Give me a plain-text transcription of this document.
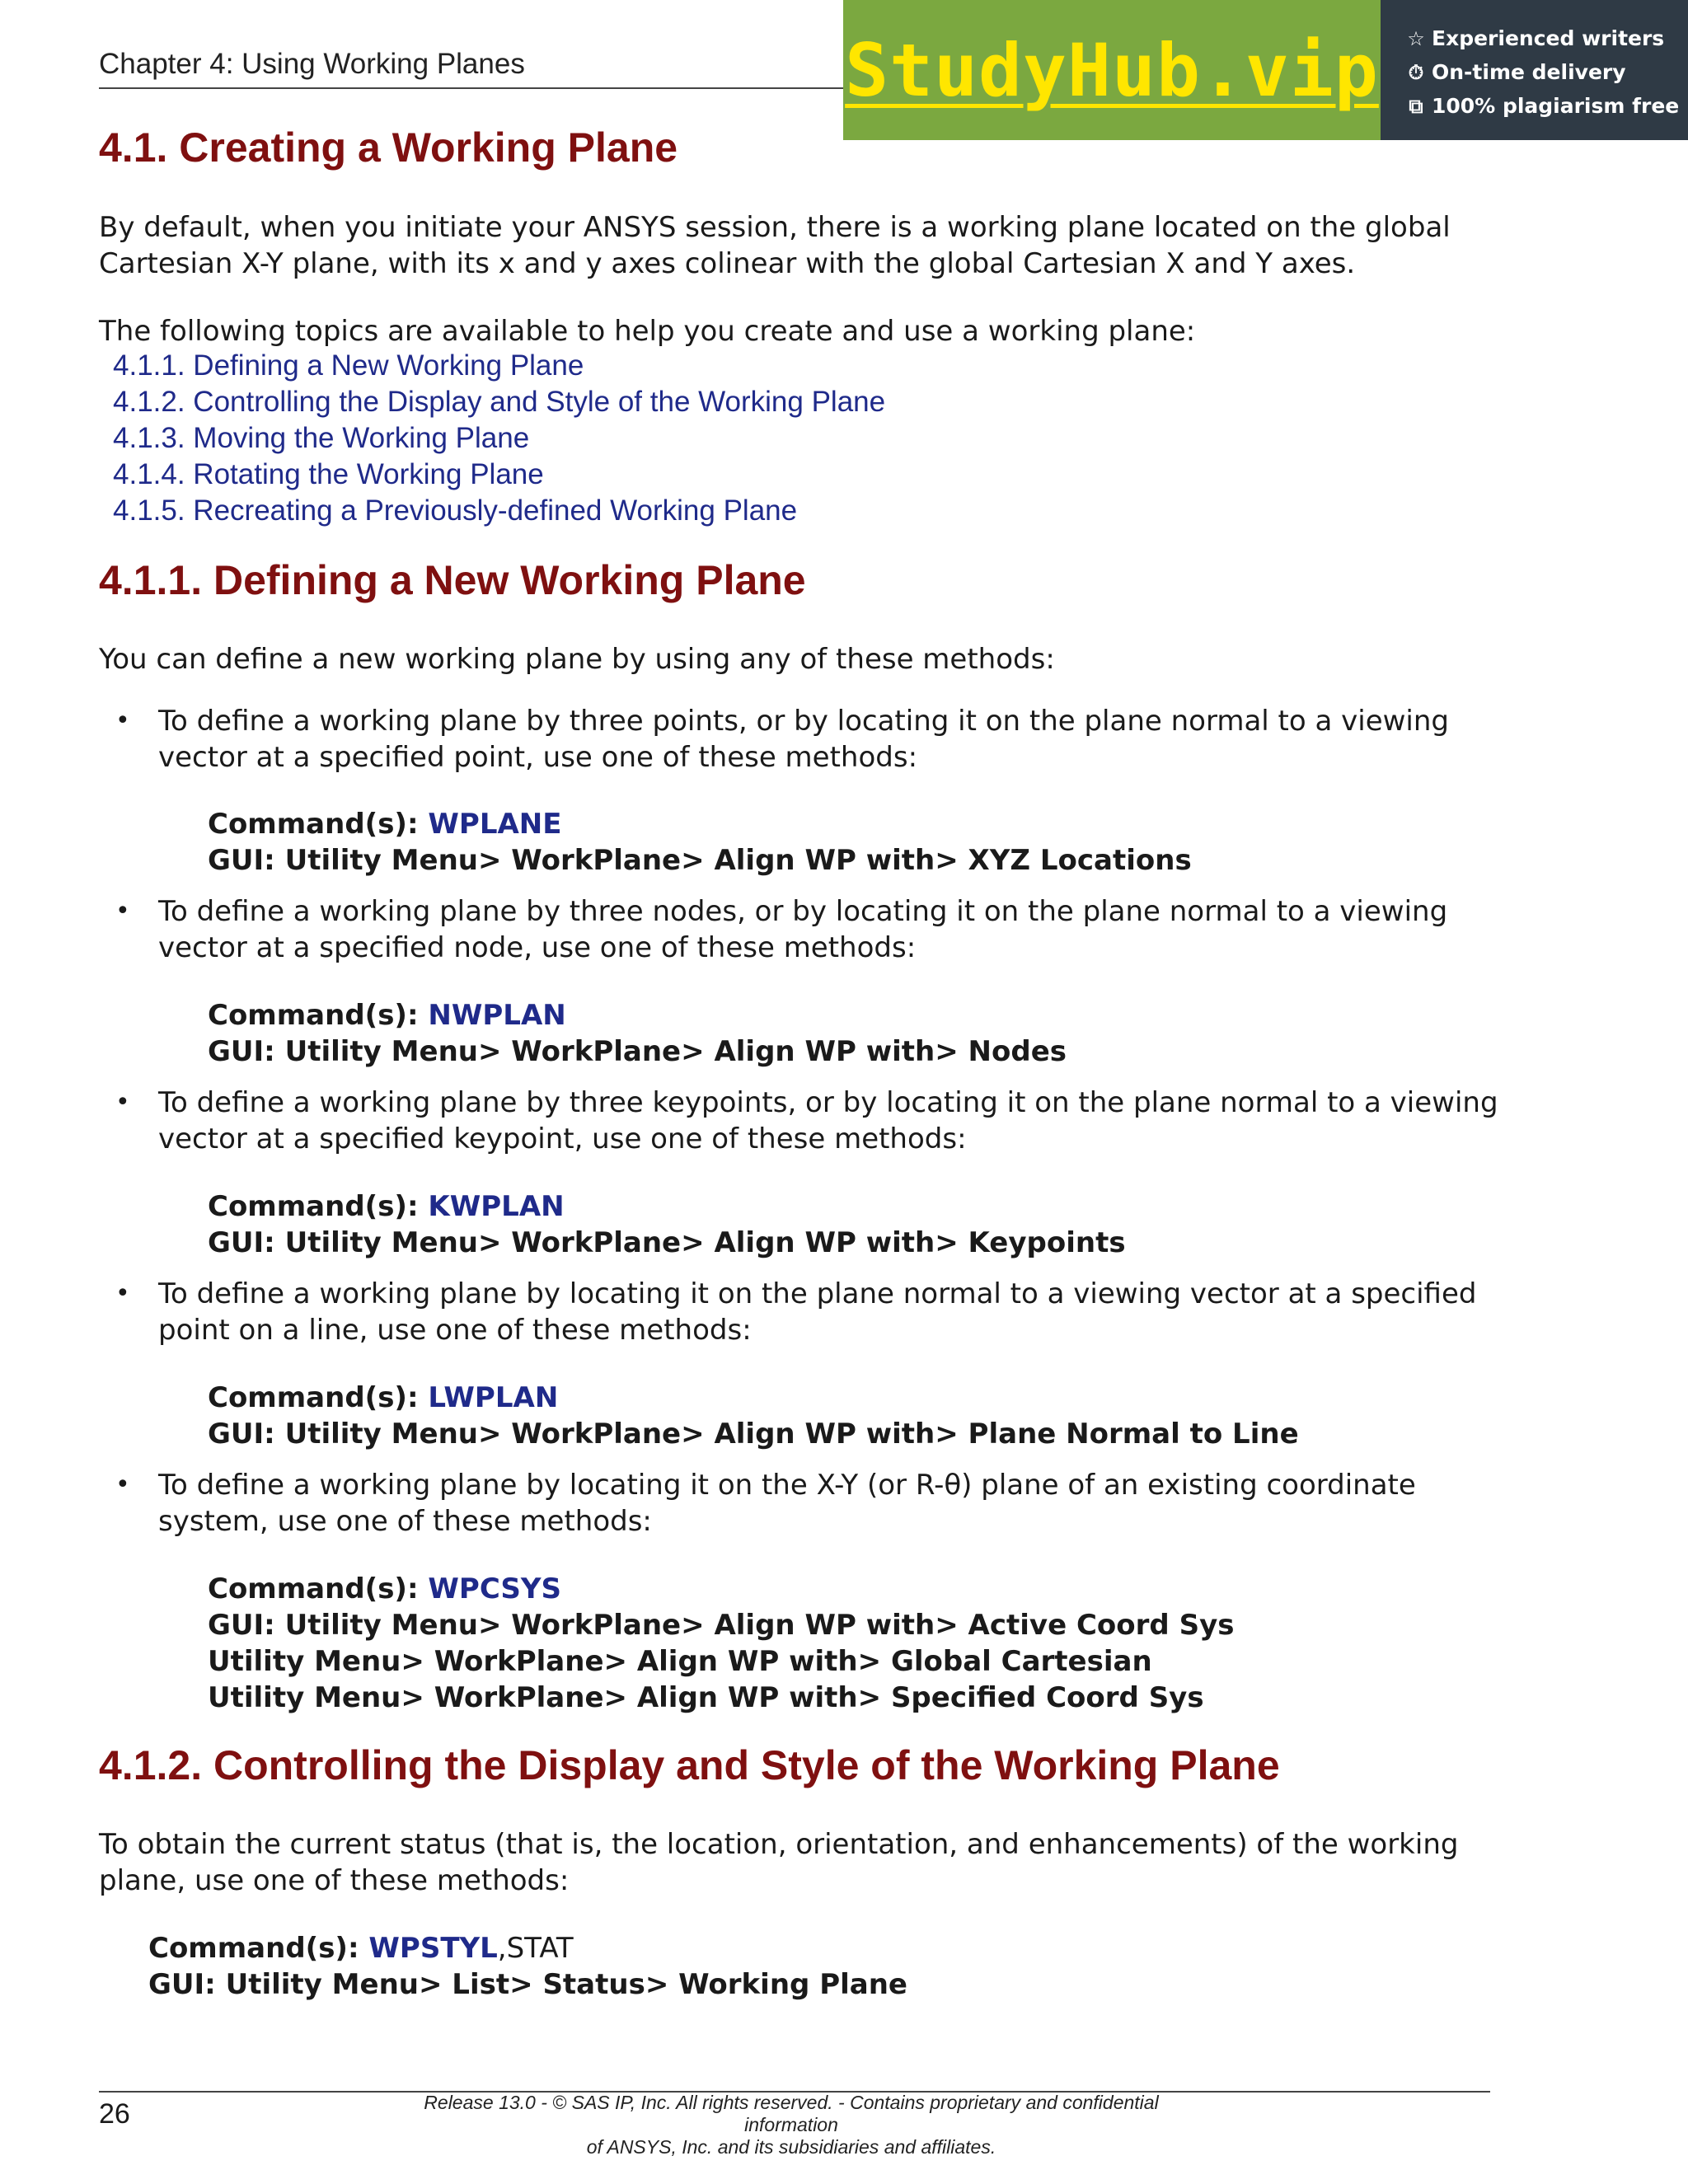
Chapter 4: Using Working Planes	StudyHub.vip ☆ Experienced writers
⏱ On-time delivery
⧉ 100% plagiarism free
4.1. Creating a Working Plane

By default, when you initiate your ANSYS session, there is a working plane located on the global Cartesian X-Y plane, with its x and y axes colinear with the global Cartesian X and Y axes.

The following topics are available to help you create and use a working plane:

4.1.1. Defining a New Working Plane
4.1.2. Controlling the Display and Style of the Working Plane
4.1.3. Moving the Working Plane
4.1.4. Rotating the Working Plane
4.1.5. Recreating a Previously-defined Working Plane
4.1.1. Defining a New Working Plane

You can define a new working plane by using any of these methods:

• To define a working plane by three points, or by locating it on the plane normal to a viewing vector at a specified point, use one of these methods:
Command(s): WPLANE
GUI: Utility Menu> WorkPlane> Align WP with> XYZ Locations
• To define a working plane by three nodes, or by locating it on the plane normal to a viewing vector at a specified node, use one of these methods:
Command(s): NWPLAN
GUI: Utility Menu> WorkPlane> Align WP with> Nodes
• To define a working plane by three keypoints, or by locating it on the plane normal to a viewing vector at a specified keypoint, use one of these methods:
Command(s): KWPLAN
GUI: Utility Menu> WorkPlane> Align WP with> Keypoints
• To define a working plane by locating it on the plane normal to a viewing vector at a specified point on a line, use one of these methods:
Command(s): LWPLAN
GUI: Utility Menu> WorkPlane> Align WP with> Plane Normal to Line
• To define a working plane by locating it on the X-Y (or R-θ) plane of an existing coordinate system, use one of these methods:
Command(s): WPCSYS
GUI: Utility Menu> WorkPlane> Align WP with> Active Coord Sys
Utility Menu> WorkPlane> Align WP with> Global Cartesian
Utility Menu> WorkPlane> Align WP with> Specified Coord Sys
4.1.2. Controlling the Display and Style of the Working Plane

To obtain the current status (that is, the location, orientation, and enhancements) of the working plane, use one of these methods:

Command(s): WPSTYL,STAT
GUI: Utility Menu> List> Status> Working Plane
26	Release 13.0 - © SAS IP, Inc. All rights reserved. - Contains proprietary and confidential information
of ANSYS, Inc. and its subsidiaries and affiliates.
